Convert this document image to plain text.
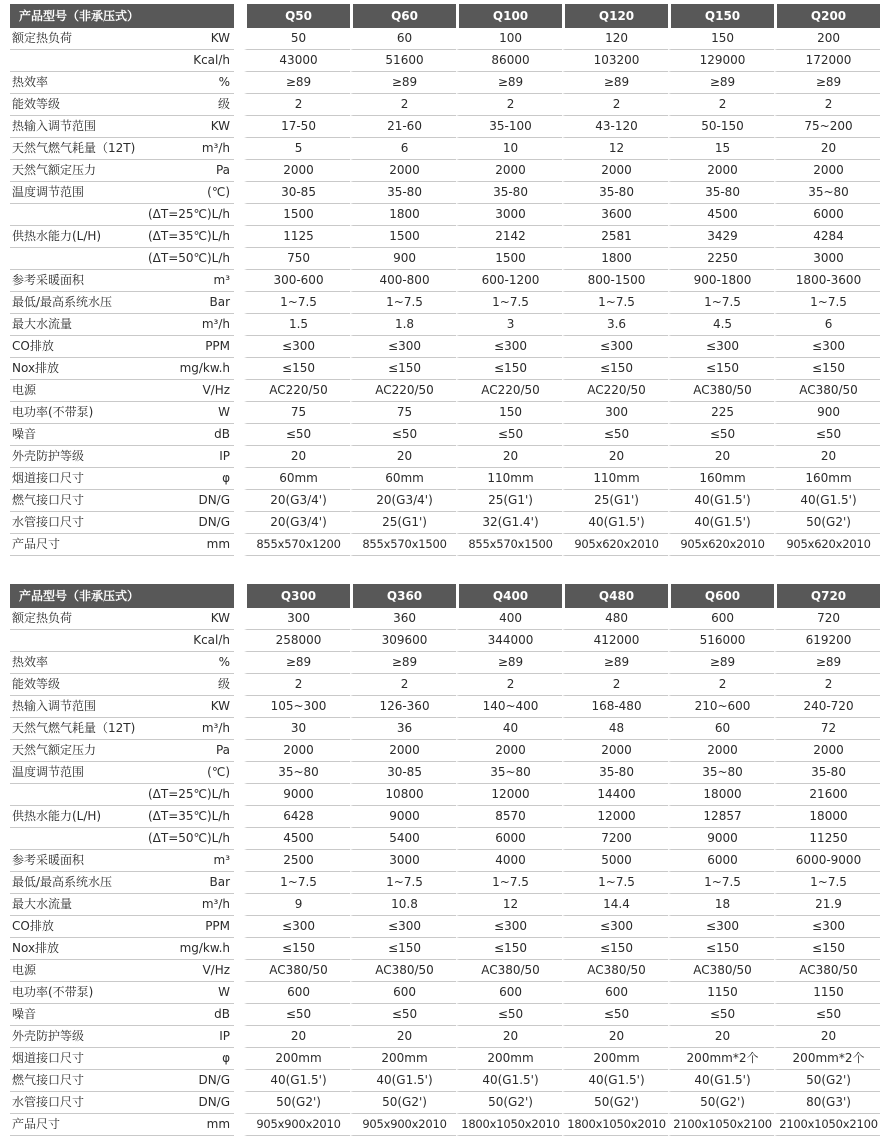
产品型号（非承压式）			Q50	Q60	Q100	Q120	Q150	Q200
额定热负荷	KW		50	60	100	120	150	200
	Kcal/h		43000	51600	86000	103200	129000	172000
热效率	%		≥89	≥89	≥89	≥89	≥89	≥89
能效等级	级		2	2	2	2	2	2
热输入调节范围	KW		17-50	21-60	35-100	43-120	50-150	75~200
天然气燃气耗量（12T)	m³/h		5	6	10	12	15	20
天然气额定压力	Pa		2000	2000	2000	2000	2000	2000
温度调节范围	(℃)		30-85	35-80	35-80	35-80	35-80	35~80
	(ΔT=25℃)L/h		1500	1800	3000	3600	4500	6000
供热水能力(L/H)	(ΔT=35℃)L/h		1125	1500	2142	2581	3429	4284
	(ΔT=50℃)L/h		750	900	1500	1800	2250	3000
参考采暖面积	m³		300-600	400-800	600-1200	800-1500	900-1800	1800-3600
最低/最高系统水压	Bar		1~7.5	1~7.5	1~7.5	1~7.5	1~7.5	1~7.5
最大水流量	m³/h		1.5	1.8	3	3.6	4.5	6
CO排放	PPM		≤300	≤300	≤300	≤300	≤300	≤300
Nox排放	mg/kw.h		≤150	≤150	≤150	≤150	≤150	≤150
电源	V/Hz		AC220/50	AC220/50	AC220/50	AC220/50	AC380/50	AC380/50
电功率(不带泵)	W		75	75	150	300	225	900
噪音	dB		≤50	≤50	≤50	≤50	≤50	≤50
外壳防护等级	IP		20	20	20	20	20	20
烟道接口尺寸	φ		60mm	60mm	110mm	110mm	160mm	160mm
燃气接口尺寸	DN/G		20(G3/4')	20(G3/4')	25(G1')	25(G1')	40(G1.5')	40(G1.5')
水管接口尺寸	DN/G		20(G3/4')	25(G1')	32(G1.4')	40(G1.5')	40(G1.5')	50(G2')
产品尺寸	mm		855x570x1200	855x570x1500	855x570x1500	905x620x2010	905x620x2010	905x620x2010
产品型号（非承压式）			Q300	Q360	Q400	Q480	Q600	Q720
额定热负荷	KW		300	360	400	480	600	720
	Kcal/h		258000	309600	344000	412000	516000	619200
热效率	%		≥89	≥89	≥89	≥89	≥89	≥89
能效等级	级		2	2	2	2	2	2
热输入调节范围	KW		105~300	126-360	140~400	168-480	210~600	240-720
天然气燃气耗量（12T)	m³/h		30	36	40	48	60	72
天然气额定压力	Pa		2000	2000	2000	2000	2000	2000
温度调节范围	(℃)		35~80	30-85	35~80	35-80	35~80	35-80
	(ΔT=25℃)L/h		9000	10800	12000	14400	18000	21600
供热水能力(L/H)	(ΔT=35℃)L/h		6428	9000	8570	12000	12857	18000
	(ΔT=50℃)L/h		4500	5400	6000	7200	9000	11250
参考采暖面积	m³		2500	3000	4000	5000	6000	6000-9000
最低/最高系统水压	Bar		1~7.5	1~7.5	1~7.5	1~7.5	1~7.5	1~7.5
最大水流量	m³/h		9	10.8	12	14.4	18	21.9
CO排放	PPM		≤300	≤300	≤300	≤300	≤300	≤300
Nox排放	mg/kw.h		≤150	≤150	≤150	≤150	≤150	≤150
电源	V/Hz		AC380/50	AC380/50	AC380/50	AC380/50	AC380/50	AC380/50
电功率(不带泵)	W		600	600	600	600	1150	1150
噪音	dB		≤50	≤50	≤50	≤50	≤50	≤50
外壳防护等级	IP		20	20	20	20	20	20
烟道接口尺寸	φ		200mm	200mm	200mm	200mm	200mm*2个	200mm*2个
燃气接口尺寸	DN/G		40(G1.5')	40(G1.5')	40(G1.5')	40(G1.5')	40(G1.5')	50(G2')
水管接口尺寸	DN/G		50(G2')	50(G2')	50(G2')	50(G2')	50(G2')	80(G3')
产品尺寸	mm		905x900x2010	905x900x2010	1800x1050x2010	1800x1050x2010	2100x1050x2100	2100x1050x2100
